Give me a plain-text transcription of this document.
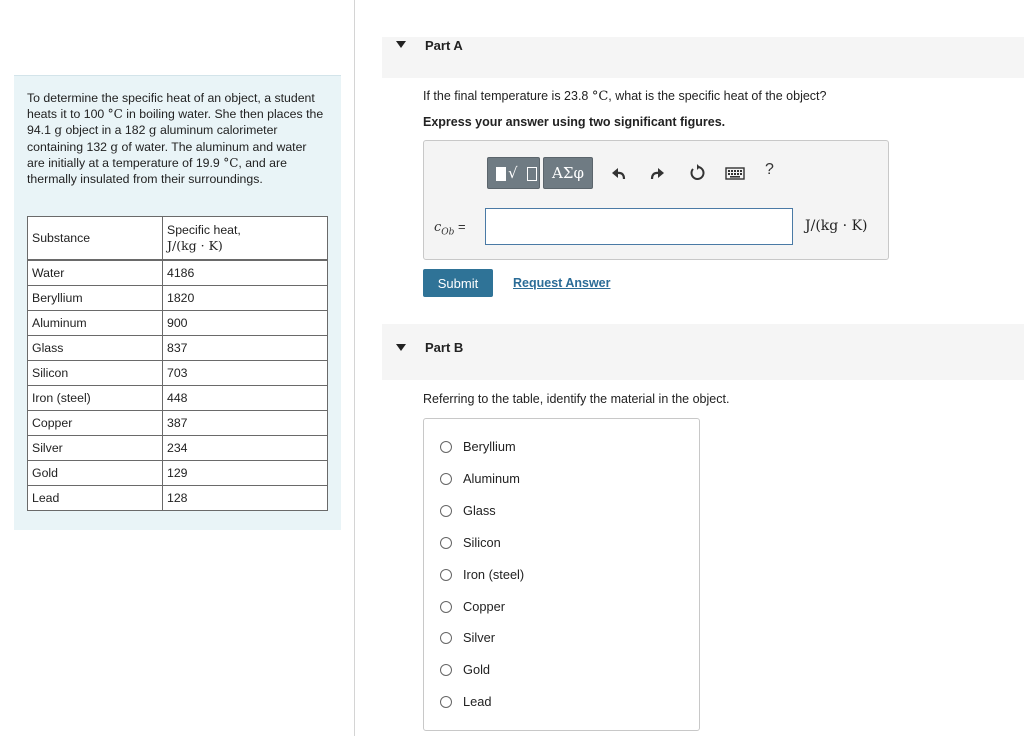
To determine the specific heat of an object, a student heats it to 100 °C in boiling water. She then places the 94.1 g object in a 182 g aluminum calorimeter containing 132 g of water. The aluminum and water are initially at a temperature of 19.9 °C, and are thermally insulated from their surroundings.
Substance	Specific heat,
J/(kg · K)

Water	4186
Beryllium	1820
Aluminum	900
Glass	837
Silicon	703
Iron (steel)	448
Copper	387
Silver	234
Gold	129
Lead	128
Part A
If the final temperature is 23.8 °C, what is the specific heat of the object?
Express your answer using two significant figures.
√	ΑΣφ	?
$c_{Ob}$ =	J/(kg · K)
Submit	Request Answer
Part B
Referring to the table, identify the material in the object.
Beryllium
Aluminum
Glass
Silicon
Iron (steel)
Copper
Silver
Gold
Lead
